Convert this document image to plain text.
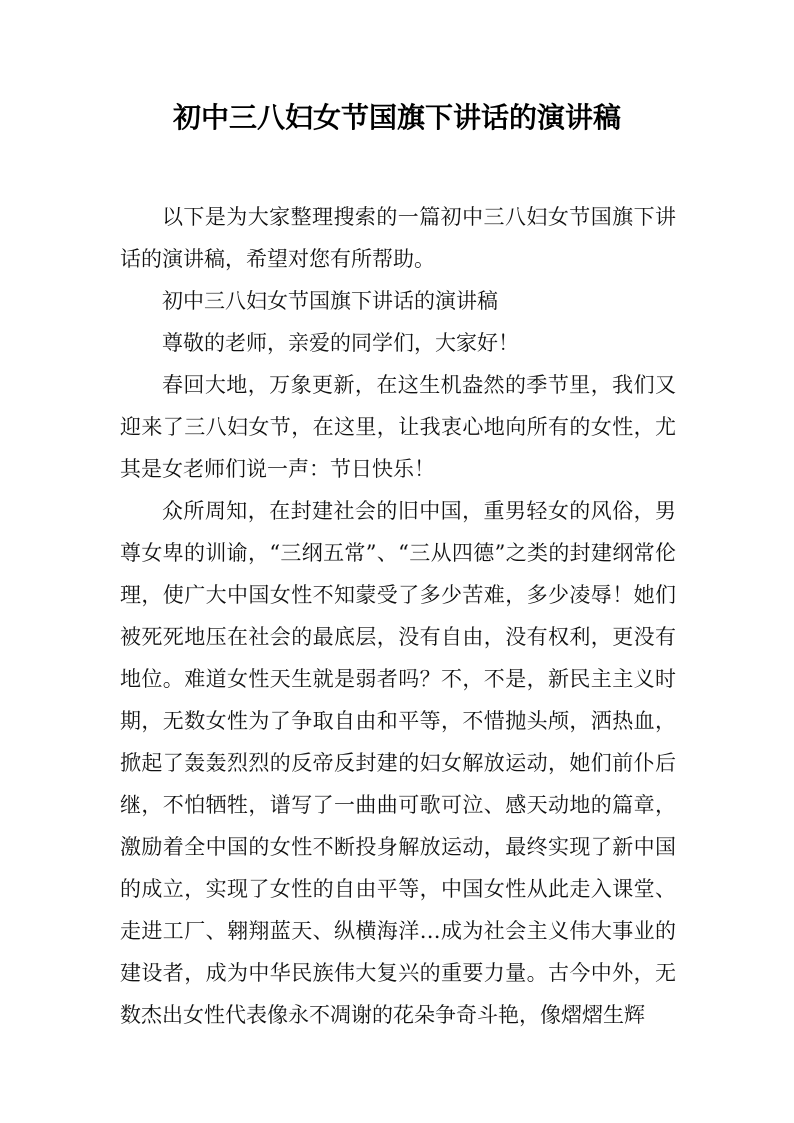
初中三八妇女节国旗下讲话的演讲稿

以下是为大家整理搜索的一篇初中三八妇女节国旗下讲话的演讲稿，希望对您有所帮助。

初中三八妇女节国旗下讲话的演讲稿

尊敬的老师，亲爱的同学们，大家好！

春回大地，万象更新，在这生机盎然的季节里，我们又迎来了三八妇女节，在这里，让我衷心地向所有的女性，尤其是女老师们说一声：节日快乐！

众所周知，在封建社会的旧中国，重男轻女的风俗，男尊女卑的训谕，“三纲五常”、“三从四德”之类的封建纲常伦理，使广大中国女性不知蒙受了多少苦难，多少凌辱！她们被死死地压在社会的最底层，没有自由，没有权利，更没有地位。难道女性天生就是弱者吗？不，不是，新民主主义时期，无数女性为了争取自由和平等，不惜抛头颅，洒热血，掀起了轰轰烈烈的反帝反封建的妇女解放运动，她们前仆后继，不怕牺牲，谱写了一曲曲可歌可泣、感天动地的篇章，激励着全中国的女性不断投身解放运动，最终实现了新中国的成立，实现了女性的自由平等，中国女性从此走入课堂、走进工厂、翱翔蓝天、纵横海洋…成为社会主义伟大事业的建设者，成为中华民族伟大复兴的重要力量。古今中外，无数杰出女性代表像永不凋谢的花朵争奇斗艳，像熠熠生辉
